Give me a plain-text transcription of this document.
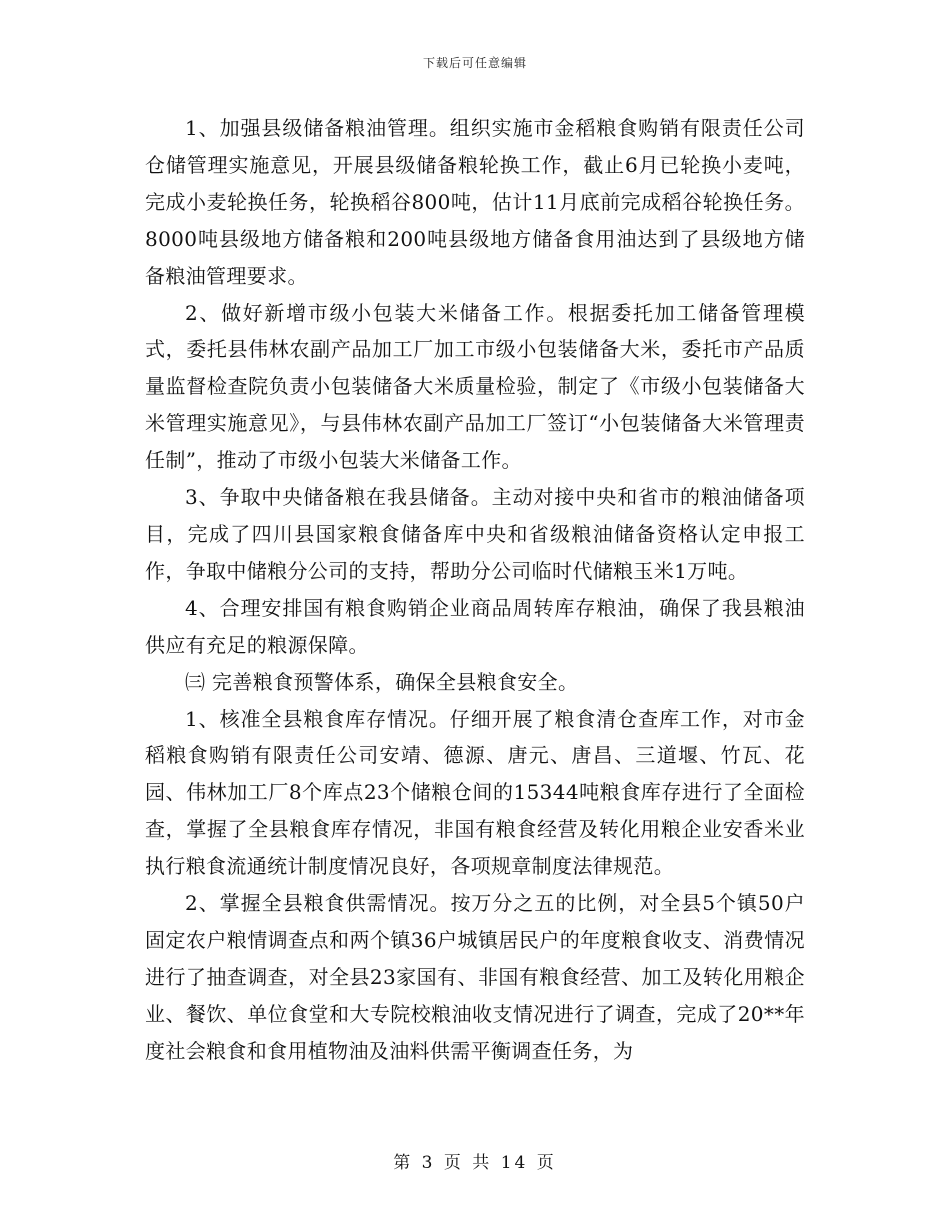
下载后可任意编辑

1、加强县级储备粮油管理。组织实施市金稻粮食购销有限责任公司仓储管理实施意见，开展县级储备粮轮换工作，截止6月已轮换小麦吨，完成小麦轮换任务，轮换稻谷800吨，估计11月底前完成稻谷轮换任务。8000吨县级地方储备粮和200吨县级地方储备食用油达到了县级地方储备粮油管理要求。

2、做好新增市级小包装大米储备工作。根据委托加工储备管理模式，委托县伟林农副产品加工厂加工市级小包装储备大米，委托市产品质量监督检查院负责小包装储备大米质量检验，制定了《市级小包装储备大米管理实施意见》，与县伟林农副产品加工厂签订“小包装储备大米管理责任制”，推动了市级小包装大米储备工作。

3、争取中央储备粮在我县储备。主动对接中央和省市的粮油储备项目，完成了四川县国家粮食储备库中央和省级粮油储备资格认定申报工作，争取中储粮分公司的支持，帮助分公司临时代储粮玉米1万吨。

4、合理安排国有粮食购销企业商品周转库存粮油，确保了我县粮油供应有充足的粮源保障。

㈢ 完善粮食预警体系，确保全县粮食安全。

1、核准全县粮食库存情况。仔细开展了粮食清仓查库工作，对市金稻粮食购销有限责任公司安靖、德源、唐元、唐昌、三道堰、竹瓦、花园、伟林加工厂8个库点23个储粮仓间的15344吨粮食库存进行了全面检查，掌握了全县粮食库存情况，非国有粮食经营及转化用粮企业安香米业执行粮食流通统计制度情况良好，各项规章制度法律规范。

2、掌握全县粮食供需情况。按万分之五的比例，对全县5个镇50户固定农户粮情调查点和两个镇36户城镇居民户的年度粮食收支、消费情况进行了抽查调查，对全县23家国有、非国有粮食经营、加工及转化用粮企业、餐饮、单位食堂和大专院校粮油收支情况进行了调查，完成了20**年度社会粮食和食用植物油及油料供需平衡调查任务，为

第 3 页 共 14 页
